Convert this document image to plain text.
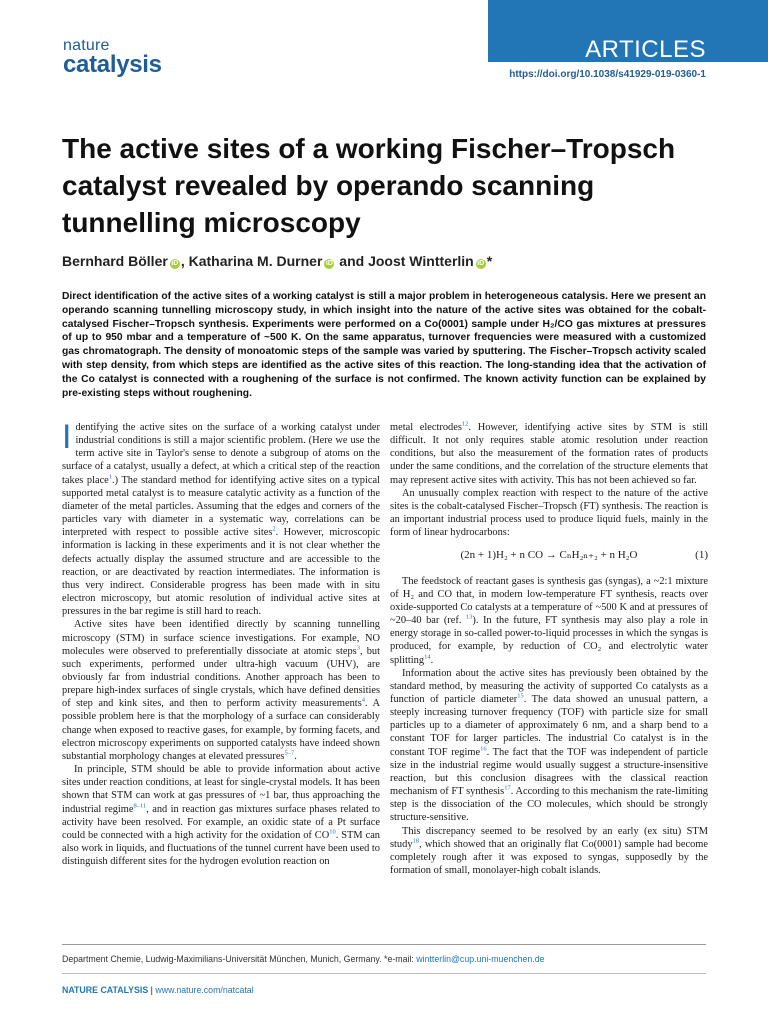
nature
catalysis
ARTICLES
https://doi.org/10.1038/s41929-019-0360-1
The active sites of a working Fischer–Tropsch catalyst revealed by operando scanning tunnelling microscopy
Bernhard Böller iD , Katharina M. Durner iD and Joost Wintterlin iD *

Direct identification of the active sites of a working catalyst is still a major problem in heterogeneous catalysis. Here we present an operando scanning tunnelling microscopy study, in which insight into the nature of the active sites was obtained for the cobalt-catalysed Fischer–Tropsch synthesis. Experiments were performed on a Co(0001) sample under H₂/CO gas mixtures at pressures of up to 950 mbar and a temperature of ~500 K. On the same apparatus, turnover frequencies were measured with a customized gas chromatograph. The density of monoatomic steps of the sample was varied by sputtering. The Fischer–Tropsch activity scaled with step density, from which steps are identified as the active sites of this reaction. The long-standing idea that the activation of the Co catalyst is connected with a roughening of the surface is not confirmed. The known activity function can be explained by pre-existing steps without roughening.

Identifying the active sites on the surface of a working catalyst under industrial conditions is still a major scientific problem. (Here we use the term active site in Taylor's sense to denote a subgroup of atoms on the surface of a catalyst, usually a defect, at which a critical step of the reaction takes place$^1$.) The standard method for identifying active sites on a typical supported metal catalyst is to measure catalytic activity as a function of the diameter of the metal particles. Assuming that the edges and corners of the particles vary with diameter in a systematic way, correlations can be interpreted with respect to possible active sites$^2$. However, microscopic information is lacking in these experiments and it is not clear whether the defects actually display the assumed structure and are accessible to the reaction, or are deactivated by reaction intermediates. The information is thus very indirect. Considerable progress has been made with in situ electron microscopy, but atomic resolution of individual active sites at pressures in the bar regime is still hard to reach.

Active sites have been identified directly by scanning tunnelling microscopy (STM) in surface science investigations. For example, NO molecules were observed to preferentially dissociate at atomic steps$^3$, but such experiments, performed under ultra-high vacuum (UHV), are obviously far from industrial conditions. Another approach has been to prepare high-index surfaces of single crystals, which have defined densities of step and kink sites, and then to perform activity measurements$^4$. A possible problem here is that the morphology of a surface can considerably change when exposed to reactive gases, for example, by forming facets, and electron microscopy experiments on supported catalysts have indeed shown substantial morphology changes at elevated pressures$^{5-7}$.

In principle, STM should be able to provide information about active sites under reaction conditions, at least for single-crystal models. It has been shown that STM can work at gas pressures of ~1 bar, thus approaching the industrial regime$^{8-11}$, and in reaction gas mixtures surface phases related to activity have been resolved. For example, an oxidic state of a Pt surface could be connected with a high activity for the oxidation of CO$^{10}$. STM can also work in liquids, and fluctuations of the tunnel current have been used to distinguish different sites for the hydrogen evolution reaction on

metal electrodes$^{12}$. However, identifying active sites by STM is still difficult. It not only requires stable atomic resolution under reaction conditions, but also the measurement of the formation rates of products under the same conditions, and the correlation of the structure elements that may represent active sites with activity. This has not been achieved so far.

An unusually complex reaction with respect to the nature of the active sites is the cobalt-catalysed Fischer–Tropsch (FT) synthesis. The reaction is an important industrial process used to produce liquid fuels, mainly in the form of linear hydrocarbons:

(2n + 1)H₂ + n CO → CₙH₂ₙ₊₂ + n H₂O	(1)

The feedstock of reactant gases is synthesis gas (syngas), a ~2:1 mixture of H₂ and CO that, in modern low-temperature FT synthesis, reacts over oxide-supported Co catalysts at a temperature of ~500 K and at pressures of ~20–40 bar (ref. $^{13}$). In the future, FT synthesis may also play a role in energy storage in so-called power-to-liquid processes in which the syngas is produced, for example, by reduction of CO₂ and electrolytic water splitting$^{14}$.

Information about the active sites has previously been obtained by the standard method, by measuring the activity of supported Co catalysts as a function of particle diameter$^{15}$. The data showed an unusual pattern, a steeply increasing turnover frequency (TOF) with particle size for small particles up to a diameter of approximately 6 nm, and a sharp bend to a constant TOF for larger particles. The industrial Co catalyst is in the constant TOF regime$^{16}$. The fact that the TOF was independent of particle size in the industrial regime would usually suggest a structure-insensitive reaction, but this conclusion disagrees with the classical reaction mechanism of FT synthesis$^{17}$. According to this mechanism the rate-limiting step is the dissociation of the CO molecules, which should be strongly structure-sensitive.

This discrepancy seemed to be resolved by an early (ex situ) STM study$^{18}$, which showed that an originally flat Co(0001) sample had become completely rough after it was exposed to syngas, supposedly by the formation of small, monolayer-high cobalt islands.

Department Chemie, Ludwig-Maximilians-Universität München, Munich, Germany. *e-mail: wintterlin@cup.uni-muenchen.de
NATURE CATALYSIS | www.nature.com/natcatal
